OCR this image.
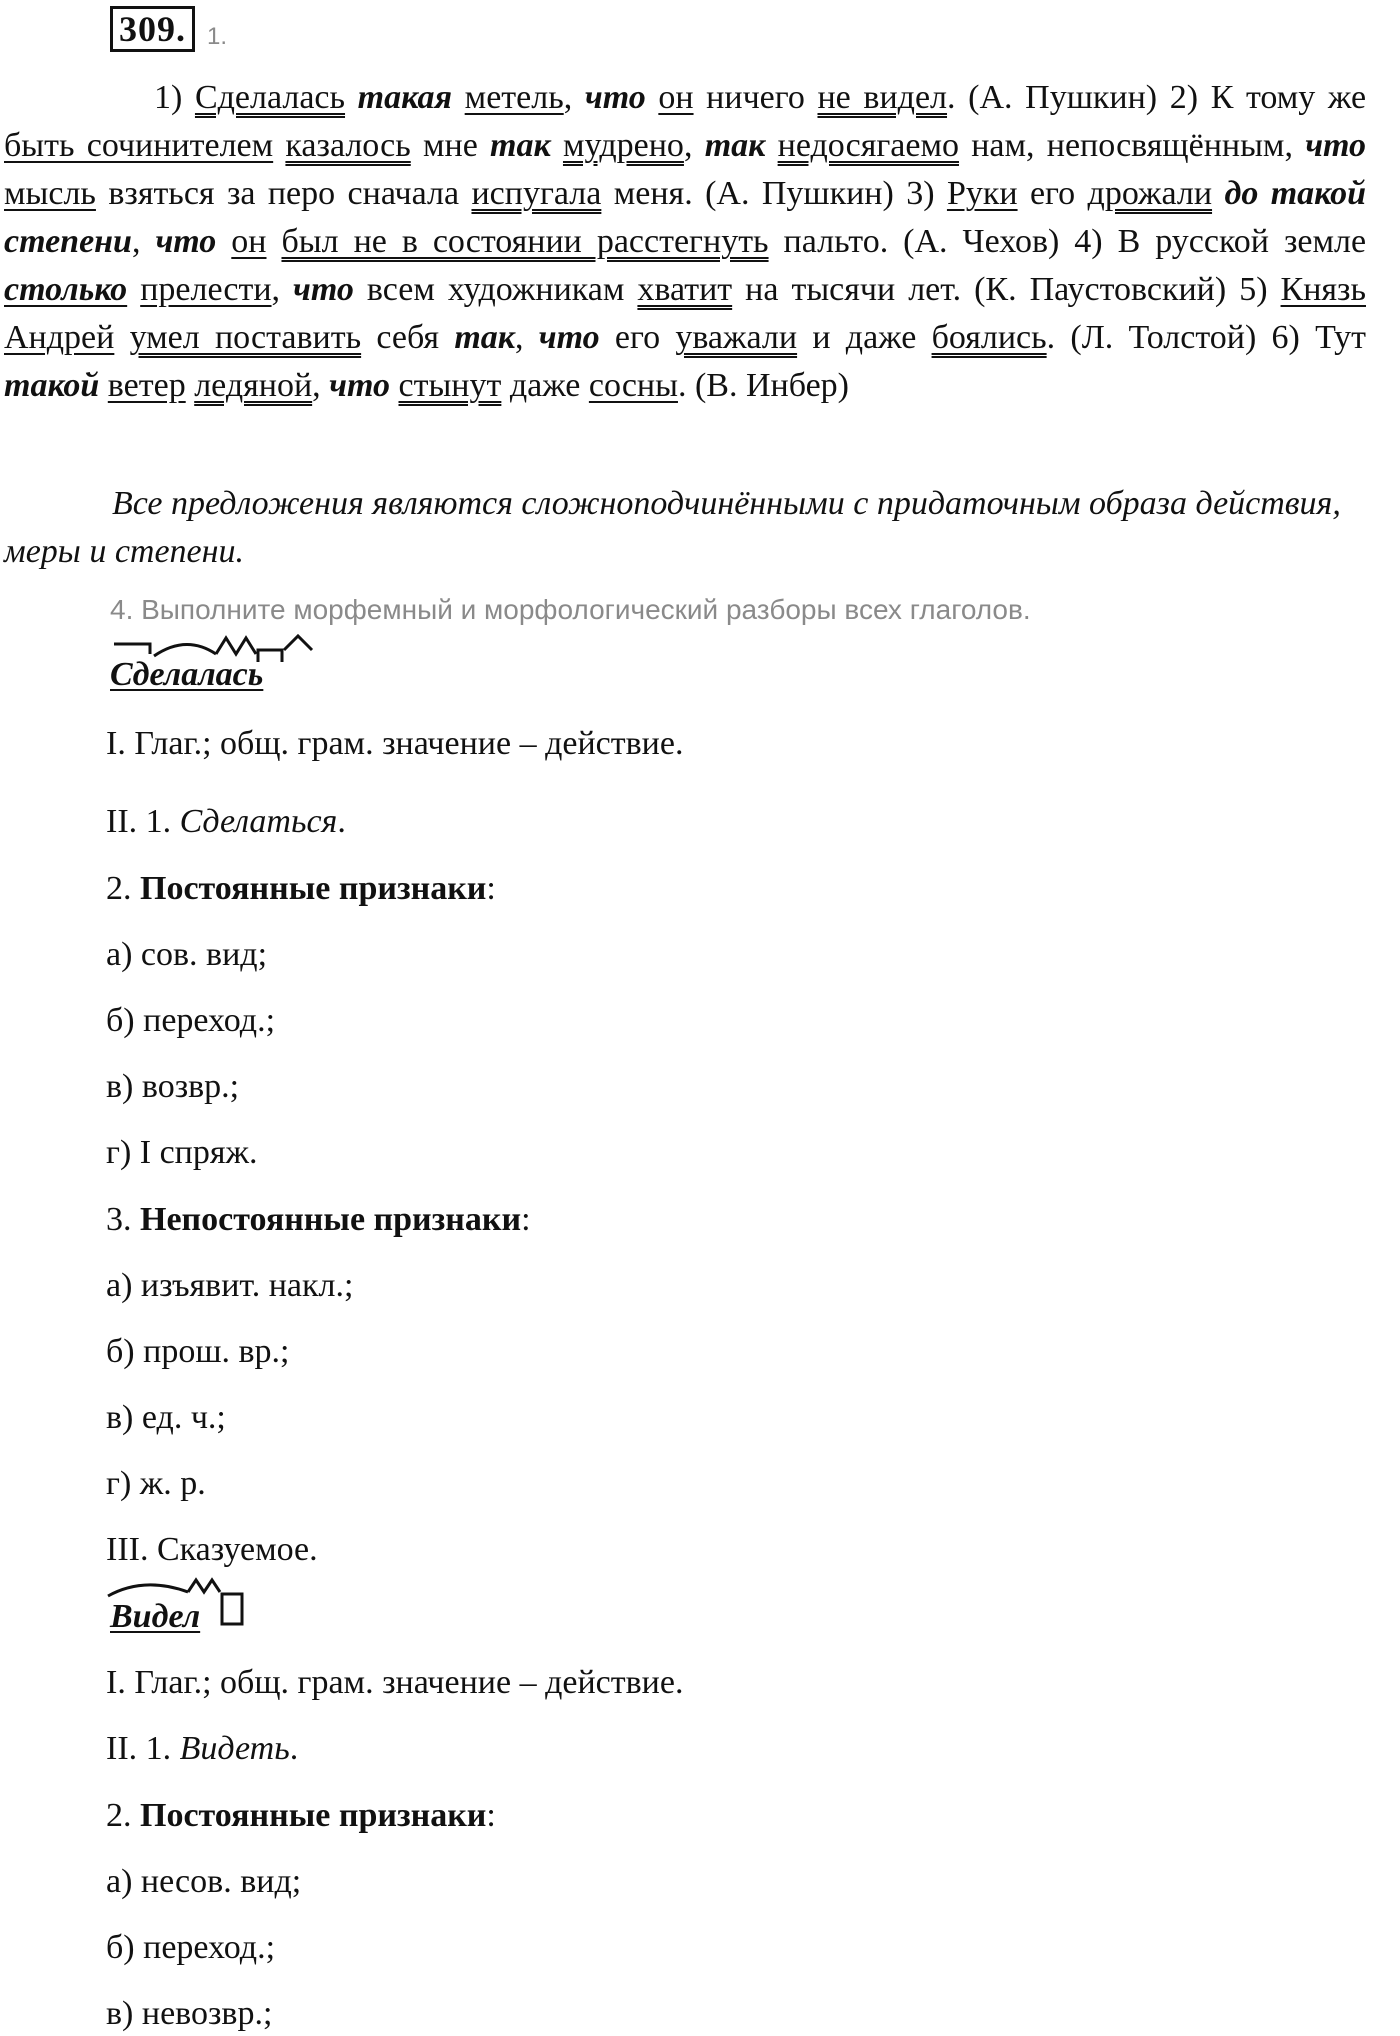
309. 1.
1) Сделалась такая метель, что он ничего не видел. (А. Пушкин) 2) К тому же быть сочинителем казалось мне так мудрено, так недосягаемо нам, непосвящённым, что мысль взяться за перо сначала испугала меня. (А. Пушкин) 3) Руки его дрожали до такой степени, что он был не в состоянии расстегнуть пальто. (А. Чехов) 4) В русской земле столько прелести, что всем художникам хватит на тысячи лет. (К. Паустовский) 5) Князь Андрей умел поставить себя так, что его уважали и даже боялись. (Л. Толстой) 6) Тут такой ветер ледяной, что стынут даже сосны. (В. Инбер)
Все предложения являются сложноподчинёнными с придаточным образа действия, меры и степени.
4. Выполните морфемный и морфологический разборы всех глаголов.
Сделалась
I. Глаг.; общ. грам. значение – действие.
II. 1. Сделаться.
2. Постоянные признаки:
а) сов. вид;
б) переход.;
в) возвр.;
г) I спряж.
3. Непостоянные признаки:
а) изъявит. накл.;
б) прош. вр.;
в) ед. ч.;
г) ж. р.
III. Сказуемое.
Видел
I. Глаг.; общ. грам. значение – действие.
II. 1. Видеть.
2. Постоянные признаки:
а) несов. вид;
б) переход.;
в) невозвр.;
